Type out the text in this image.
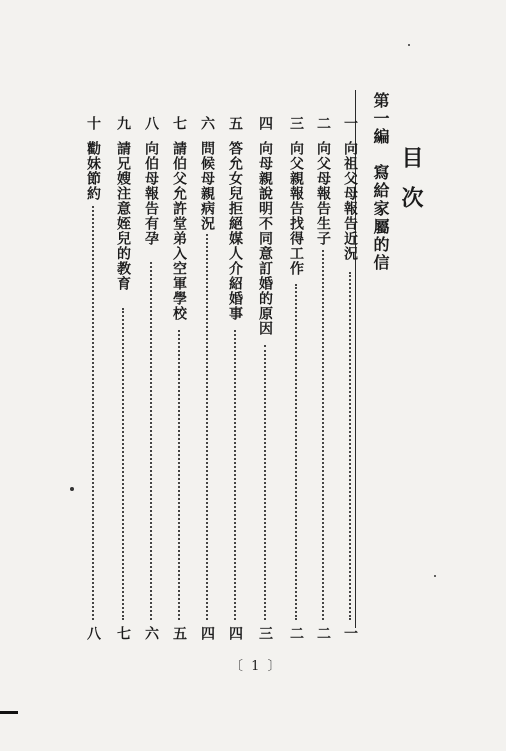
目次
第一編　寫給家屬的信
一
向祖父母報告近況
一
二
向父母報告生子
二
三
向父親報告找得工作
二
四
向母親說明不同意訂婚的原因
三
五
答允女兒拒絕媒人介紹婚事
四
六
問候母親病況
四
七
請伯父允許堂弟入空軍學校
五
八
向伯母報告有孕
六
九
請兄嫂注意姪兒的教育
七
十
勸妹節約
八
〔 1 〕
